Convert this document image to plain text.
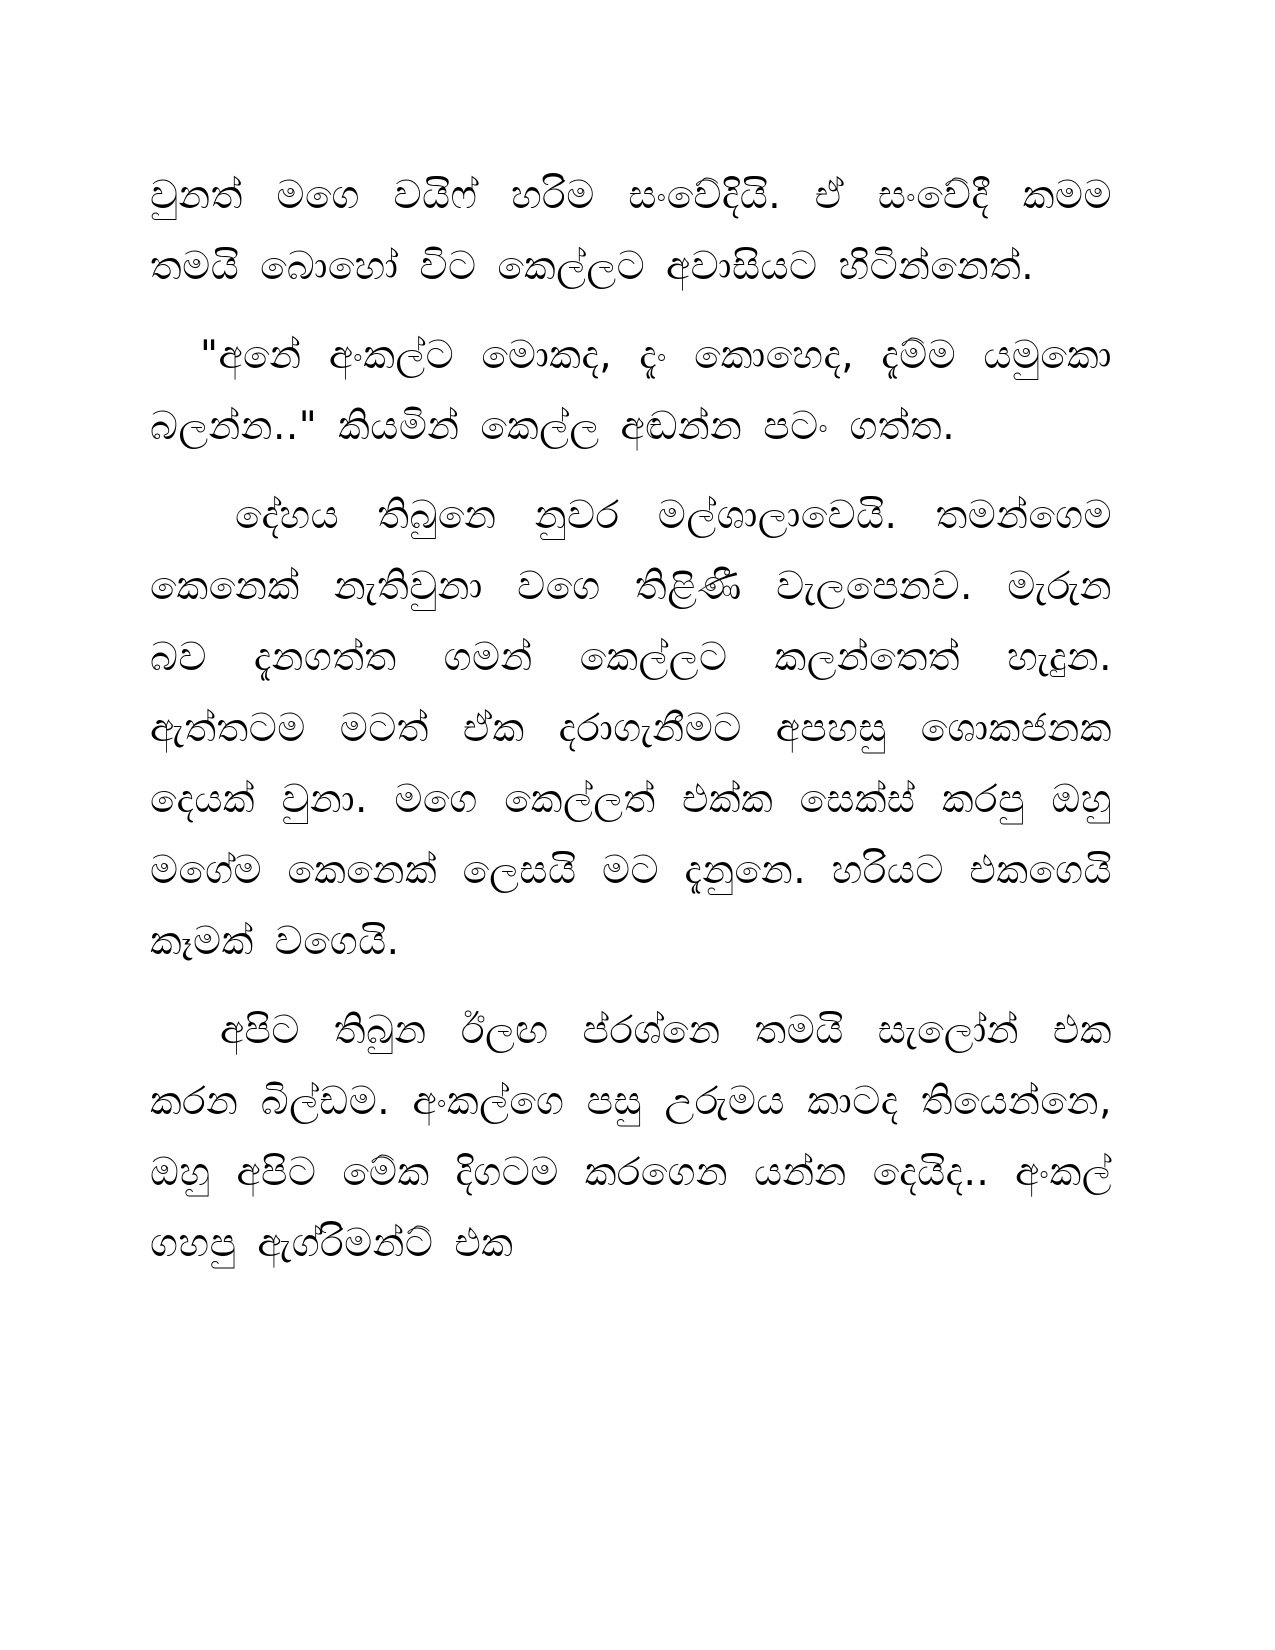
වුනත් මගෙ වයිෆ් හරිම සංවේදියි. ඒ සංවේදී කමම තමයි බොහෝ විට කෙල්ලට අවාසියට හිටින්නෙත්.

"අනේ අංකල්ට මොකද, දැං කොහෙද, දැම්ම යමුකො බලන්න.." කියමින් කෙල්ල අඬන්න පටං ගත්ත.

දේහය තිබුනෙ නුවර මල්ශාලාවෙයි. තමන්ගෙම කෙනෙක් නැතිවුනා වගෙ තිළිණී වැලපෙනව. මැරුන බව දැනගත්ත ගමන් කෙල්ලට කලන්තෙත් හැදුන. ඇත්තටම මටත් ඒක දරාගැනීමට අපහසු ශොකජනක දෙයක් වුනා. මගෙ කෙල්ලත් එක්ක සෙක්ස් කරපු ඔහු මගේම කෙනෙක් ලෙසයි මට දැනුනෙ. හරියට එකගෙයි කෑමක් වගෙයි.

අපිට තිබුන ඊලඟ ප්රශ්නෙ තමයි සැලෝන් එක කරන බිල්ඩම. අංකල්ගෙ පසු උරුමය කාටද තියෙන්නෙ, ඔහු අපිට මේක දිගටම කරගෙන යන්න දෙයිද.. අංකල් ගහපු ඇග්රිමන්ට් එක
